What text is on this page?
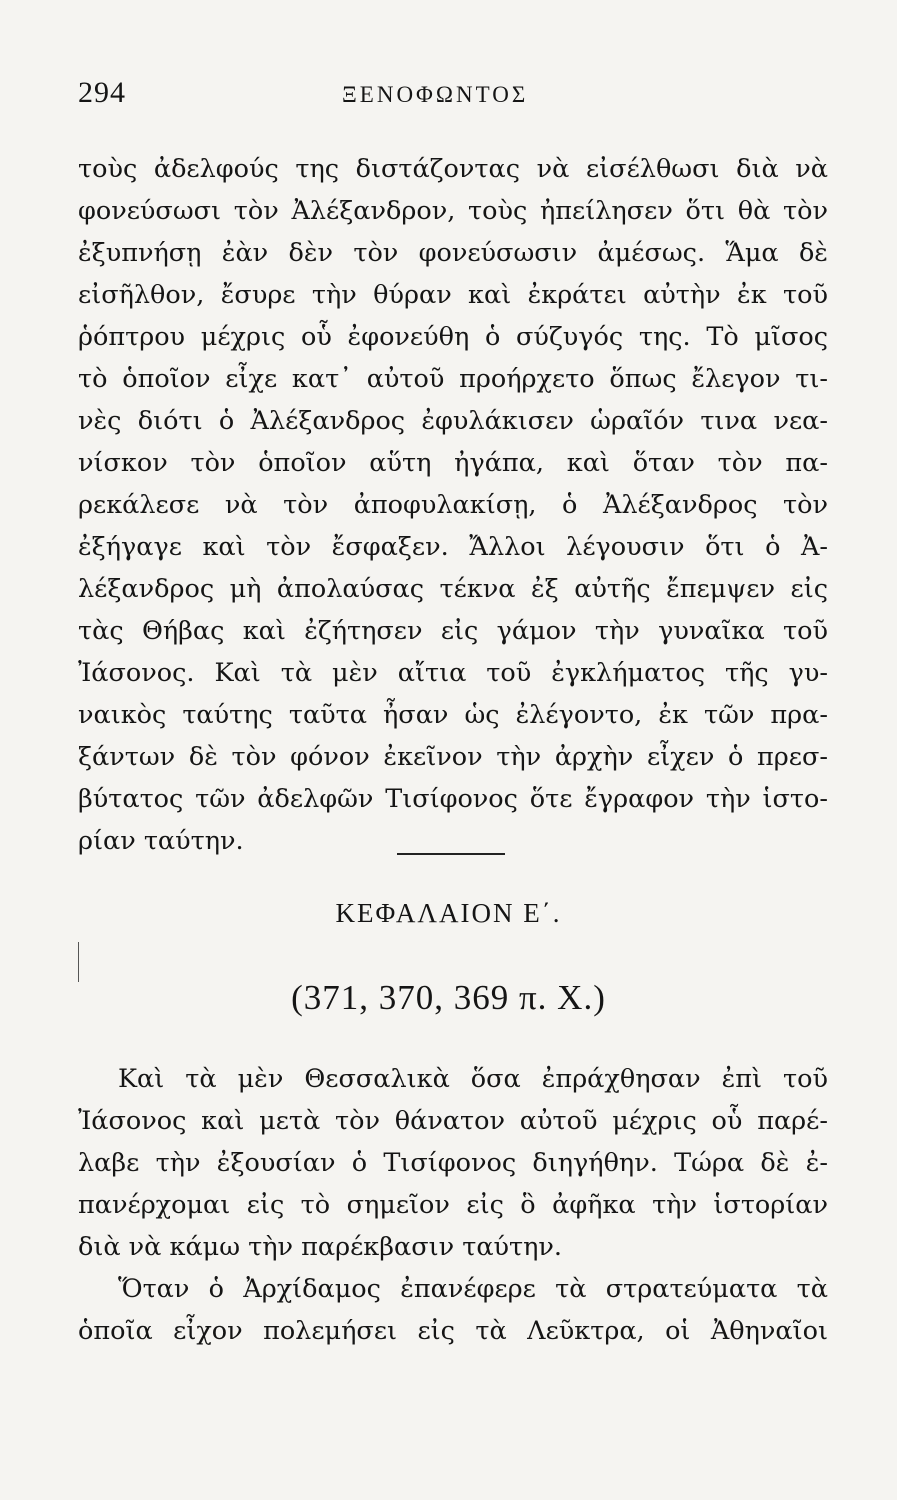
294	ΞΕΝΟΦΩΝΤΟΣ
τοὺς ἀδελφούς της διστάζοντας νὰ εἰσέλθωσι διὰ νὰ
φονεύσωσι τὸν Ἀλέξανδρον, τοὺς ἠπείλησεν ὅτι θὰ τὸν
ἐξυπνήσῃ ἐὰν δὲν τὸν φονεύσωσιν ἀμέσως. Ἅμα δὲ
εἰσῆλθον, ἔσυρε τὴν θύραν καὶ ἐκράτει αὐτὴν ἐκ τοῦ
ῥόπτρου μέχρις οὗ ἐφονεύθη ὁ σύζυγός της. Τὸ μῖσος
τὸ ὁποῖον εἶχε κατ᾽ αὐτοῦ προήρχετο ὅπως ἔλεγον τι-
νὲς διότι ὁ Ἀλέξανδρος ἐφυλάκισεν ὡραῖόν τινα νεα-
νίσκον τὸν ὁποῖον αὕτη ἠγάπα, καὶ ὅταν τὸν πα-
ρεκάλεσε νὰ τὸν ἀποφυλακίσῃ, ὁ Ἀλέξανδρος τὸν
ἐξήγαγε καὶ τὸν ἔσφαξεν. Ἄλλοι λέγουσιν ὅτι ὁ Ἀ-
λέξανδρος μὴ ἀπολαύσας τέκνα ἐξ αὐτῆς ἔπεμψεν εἰς
τὰς Θήβας καὶ ἐζήτησεν εἰς γάμον τὴν γυναῖκα τοῦ
Ἰάσονος. Καὶ τὰ μὲν αἴτια τοῦ ἐγκλήματος τῆς γυ-
ναικὸς ταύτης ταῦτα ἦσαν ὡς ἐλέγοντο, ἐκ τῶν πρα-
ξάντων δὲ τὸν φόνον ἐκεῖνον τὴν ἀρχὴν εἶχεν ὁ πρεσ-
βύτατος τῶν ἀδελφῶν Τισίφονος ὅτε ἔγραφον τὴν ἱστο-
ρίαν ταύτην.
ΚΕΦΑΛΑΙΟΝ Ε΄.
(371, 370, 369 π. Χ.)
Καὶ τὰ μὲν Θεσσαλικὰ ὅσα ἐπράχθησαν ἐπὶ τοῦ
Ἰάσονος καὶ μετὰ τὸν θάνατον αὐτοῦ μέχρις οὗ παρέ-
λαβε τὴν ἐξουσίαν ὁ Τισίφονος διηγήθην. Τώρα δὲ ἐ-
πανέρχομαι εἰς τὸ σημεῖον εἰς ὃ ἀφῆκα τὴν ἱστορίαν
διὰ νὰ κάμω τὴν παρέκβασιν ταύτην.
Ὅταν ὁ Ἀρχίδαμος ἐπανέφερε τὰ στρατεύματα τὰ
ὁποῖα εἶχον πολεμήσει εἰς τὰ Λεῦκτρα, οἱ Ἀθηναῖοι
